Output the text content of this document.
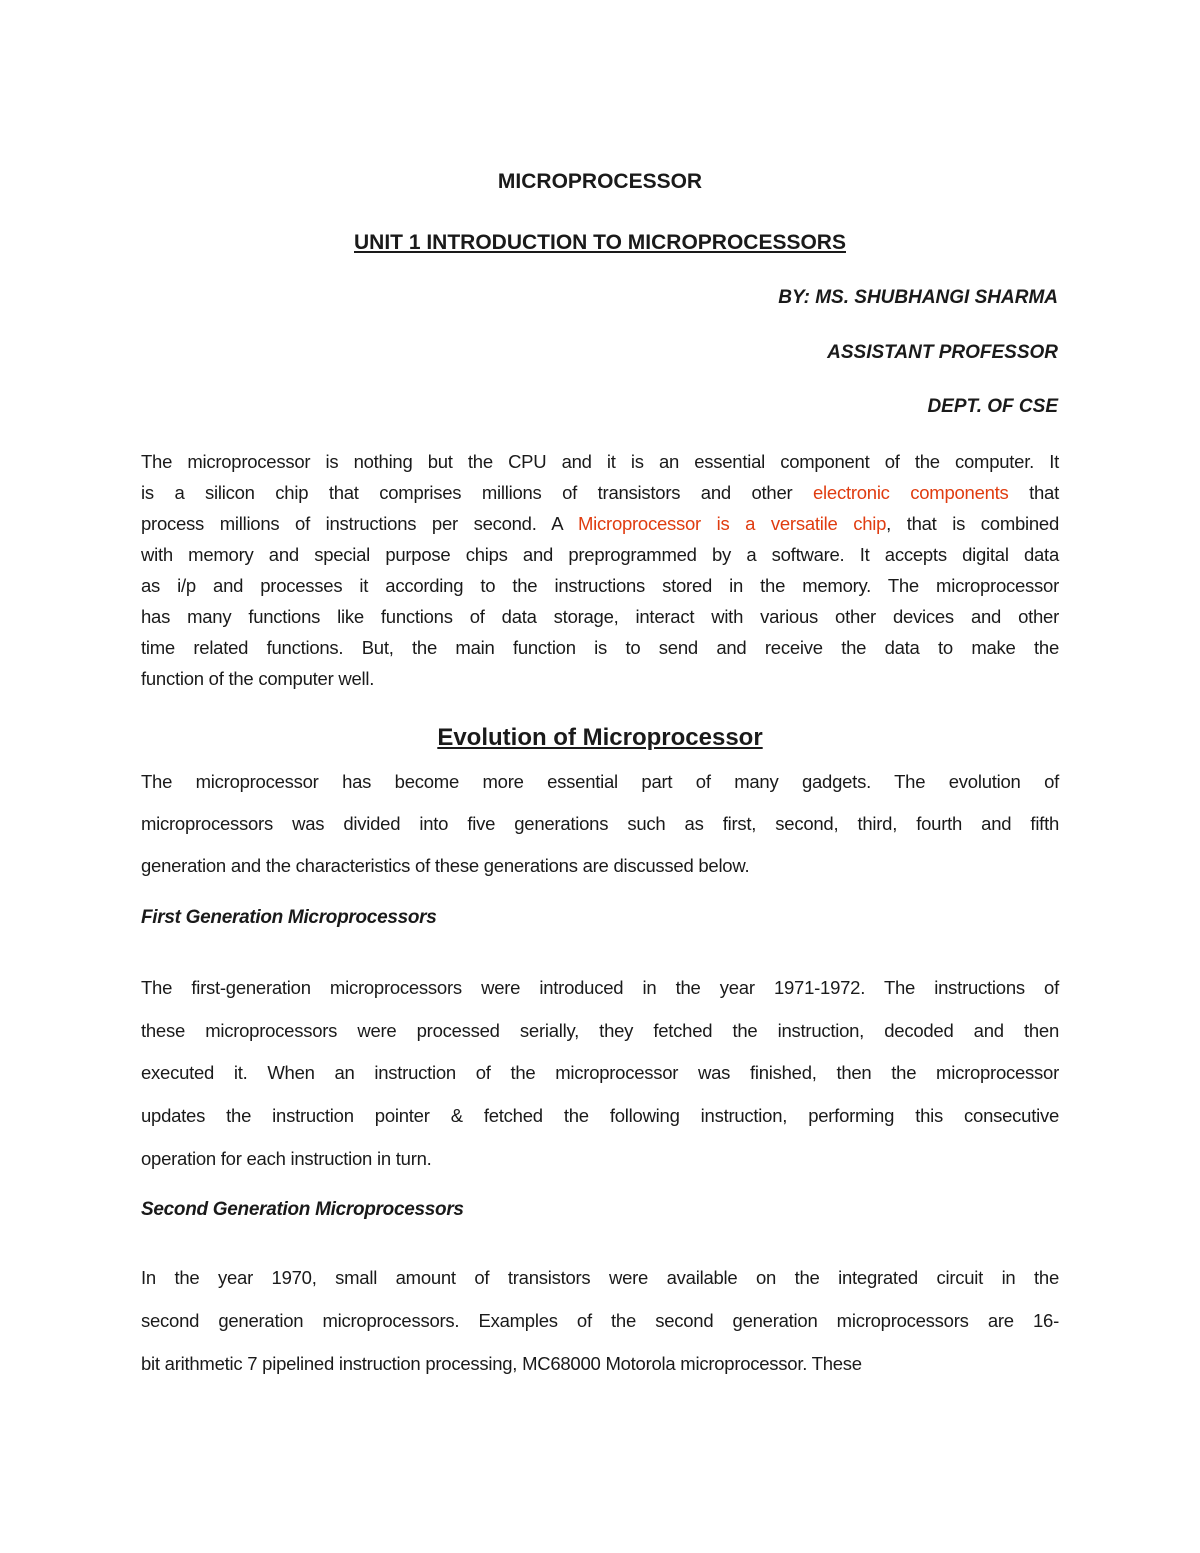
MICROPROCESSOR
UNIT 1 INTRODUCTION TO MICROPROCESSORS
BY: MS. SHUBHANGI SHARMA
ASSISTANT PROFESSOR
DEPT. OF CSE
The microprocessor is nothing but the CPU and it is an essential component of the computer. It
is a silicon chip that comprises millions of transistors and other electronic components that
process millions of instructions per second. A Microprocessor is a versatile chip, that is combined
with memory and special purpose chips and preprogrammed by a software. It accepts digital data
as i/p and processes it according to the instructions stored in the memory. The microprocessor
has many functions like functions of data storage, interact with various other devices and other
time related functions. But, the main function is to send and receive the data to make the
function of the computer well.
Evolution of Microprocessor
The microprocessor has become more essential part of many gadgets. The evolution of
microprocessors was divided into five generations such as first, second, third, fourth and fifth
generation and the characteristics of these generations are discussed below.
First Generation Microprocessors
The first-generation microprocessors were introduced in the year 1971-1972. The instructions of
these microprocessors were processed serially, they fetched the instruction, decoded and then
executed it. When an instruction of the microprocessor was finished, then the microprocessor
updates the instruction pointer & fetched the following instruction, performing this consecutive
operation for each instruction in turn.
Second Generation Microprocessors
In the year 1970, small amount of transistors were available on the integrated circuit in the
second generation microprocessors. Examples of the second generation microprocessors are 16-
bit arithmetic 7 pipelined instruction processing, MC68000 Motorola microprocessor. These
